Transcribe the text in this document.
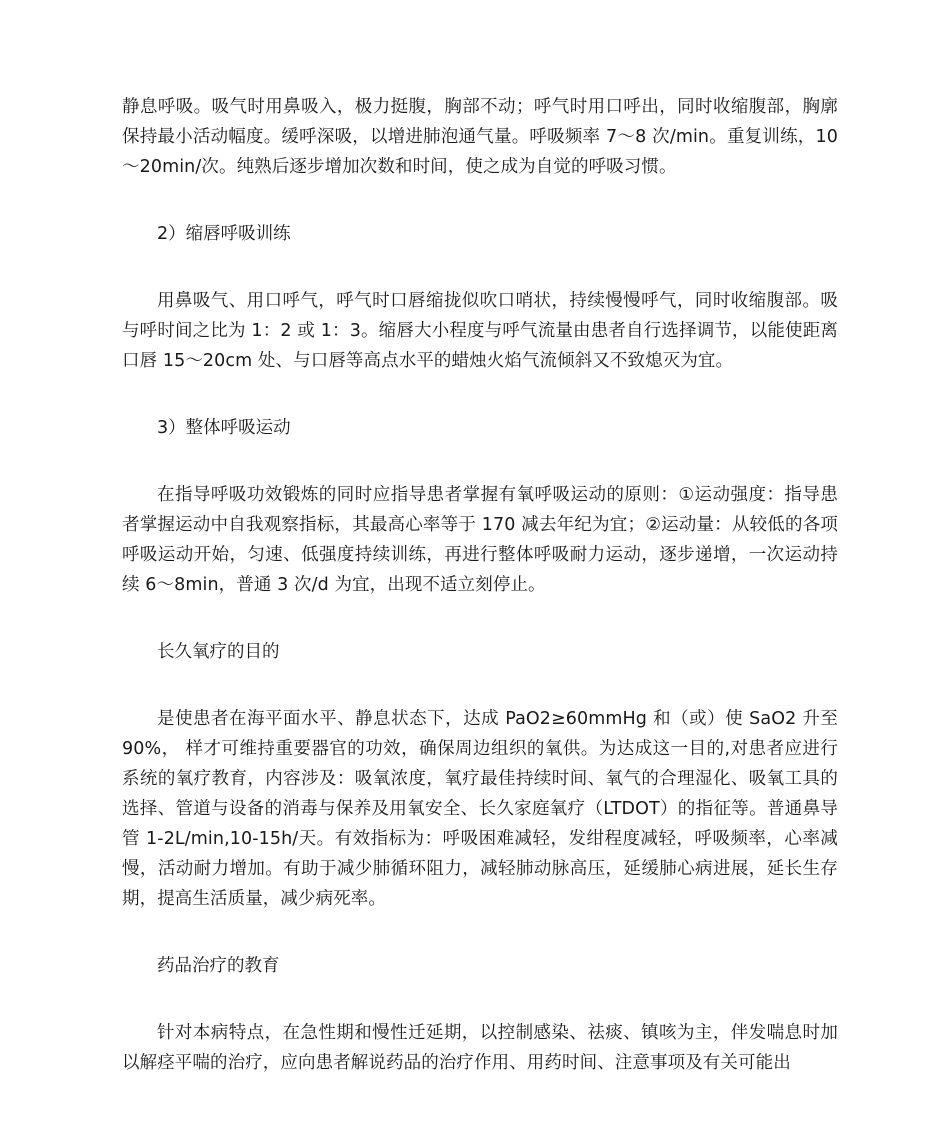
静息呼吸。吸气时用鼻吸入，极力挺腹，胸部不动；呼气时用口呼出，同时收缩腹部，胸廓保持最小活动幅度。缓呼深吸，以增进肺泡通气量。呼吸频率 7～8 次/min。重复训练，10～20min/次。纯熟后逐步增加次数和时间，使之成为自觉的呼吸习惯。

2）缩唇呼吸训练

用鼻吸气、用口呼气，呼气时口唇缩拢似吹口哨状，持续慢慢呼气，同时收缩腹部。吸与呼时间之比为 1：2 或 1：3。缩唇大小程度与呼气流量由患者自行选择调节，以能使距离口唇 15～20cm 处、与口唇等高点水平的蜡烛火焰气流倾斜又不致熄灭为宜。

3）整体呼吸运动

在指导呼吸功效锻炼的同时应指导患者掌握有氧呼吸运动的原则：①运动强度：指导患者掌握运动中自我观察指标，其最高心率等于 170 减去年纪为宜；②运动量：从较低的各项呼吸运动开始，匀速、低强度持续训练，再进行整体呼吸耐力运动，逐步递增，一次运动持续 6～8min，普通 3 次/d 为宜，出现不适立刻停止。

长久氧疗的目的

是使患者在海平面水平、静息状态下，达成 PaO2≥60mmHg 和（或）使 SaO2 升至 90%， 样才可维持重要器官的功效，确保周边组织的氧供。为达成这一目的,对患者应进行系统的氧疗教育，内容涉及：吸氧浓度，氧疗最佳持续时间、氧气的合理湿化、吸氧工具的选择、管道与设备的消毒与保养及用氧安全、长久家庭氧疗（LTDOT）的指征等。普通鼻导管 1-2L/min,10-15h/天。有效指标为：呼吸困难减轻，发绀程度减轻，呼吸频率，心率减慢，活动耐力增加。有助于减少肺循环阻力，减轻肺动脉高压，延缓肺心病进展，延长生存期，提高生活质量，减少病死率。

药品治疗的教育

针对本病特点，在急性期和慢性迁延期，以控制感染、祛痰、镇咳为主，伴发喘息时加以解痉平喘的治疗，应向患者解说药品的治疗作用、用药时间、注意事项及有关可能出
